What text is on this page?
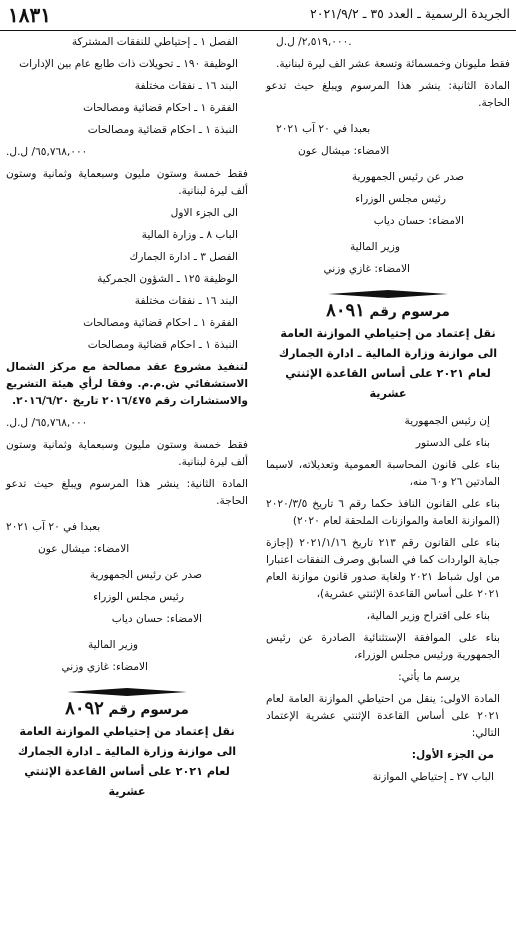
الجريدة الرسمية ـ العدد ٣٥ ـ ٢٠٢١/٩/٢
١٨٣١

٢,٥١٩,٠٠٠/ ل.ل.

فقط مليونان وخمسمائة وتسعة عشر الف ليرة لبنانية.

المادة الثانية: ينشر هذا المرسوم ويبلغ حيث تدعو الحاجة.

بعبدا في ٢٠ آب ٢٠٢١

الامضاء: ميشال عون

صدر عن رئيس الجمهورية

رئيس مجلس الوزراء

الامضاء: حسان دياب

وزير المالية

الامضاء: غازي وزني

مرسوم رقم ٨٠٩١

نقل إعتماد من إحتياطي الموازنة العامة

الى موازنة وزارة المالية ـ ادارة الجمارك

لعام ٢٠٢١ على أساس القاعدة الإثنتي عشرية

إن رئيس الجمهورية

بناء على الدستور

بناء على قانون المحاسبة العمومية وتعديلاته، لاسيما المادتين ٢٦ و٦٠ منه،

بناء على القانون النافذ حكما رقم ٦ تاريخ ٢٠٢٠/٣/٥ (الموازنة العامة والموازنات الملحقة لعام ٢٠٢٠)

بناء على القانون رقم ٢١٣ تاريخ ٢٠٢١/١/١٦ (إجازة جباية الواردات كما في السابق وصرف النفقات اعتبارا من اول شباط ٢٠٢١ ولغاية صدور قانون موازنة العام ٢٠٢١ على أساس القاعدة الإثنتي عشرية)،

بناء على اقتراح وزير المالية،

بناء على الموافقة الإستثنائية الصادرة عن رئيس الجمهورية ورئيس مجلس الوزراء،

يرسم ما يأتي:

المادة الاولى: ينقل من احتياطي الموازنة العامة لعام ٢٠٢١ على أساس القاعدة الإثنتي عشرية الإعتماد التالي:

من الجزء الأول:

الباب ٢٧ ـ إحتياطي الموازنة

الفصل ١ ـ إحتياطي للنفقات المشتركة

الوظيفة ١٩٠ ـ تحويلات ذات طابع عام بين الإدارات

البند ١٦ ـ نفقات مختلفة

الفقرة ١ ـ احكام قضائية ومصالحات

النبذة ١ ـ احكام قضائية ومصالحات

٦٥,٧٦٨,٠٠٠/ ل.ل.

فقط خمسة وستون مليون وسبعماية وثمانية وستون ألف ليرة لبنانية.

الى الجزء الاول

الباب ٨ ـ وزارة المالية

الفصل ٣ ـ ادارة الجمارك

الوظيفة ١٢٥ ـ الشؤون الجمركية

البند ١٦ ـ نفقات مختلفة

الفقرة ١ ـ احكام قضائية ومصالحات

النبذة ١ ـ احكام قضائية ومصالحات

لتنفيذ مشروع عقد مصالحة مع مركز الشمال الاستشفائي ش.م.م. وفقا لرأي هيئة التشريع والاستشارات رقم ٢٠١٦/٤٧٥ تاريخ ٢٠١٦/٦/٢٠.

٦٥,٧٦٨,٠٠٠/ ل.ل.

فقط خمسة وستون مليون وسبعماية وثمانية وستون ألف ليرة لبنانية.

المادة الثانية: ينشر هذا المرسوم ويبلغ حيث تدعو الحاجة.

بعبدا في ٢٠ آب ٢٠٢١

الامضاء: ميشال عون

صدر عن رئيس الجمهورية

رئيس مجلس الوزراء

الامضاء: حسان دياب

وزير المالية

الامضاء: غازي وزني

مرسوم رقم ٨٠٩٢

نقل إعتماد من إحتياطي الموازنة العامة

الى موازنة وزارة المالية ـ ادارة الجمارك

لعام ٢٠٢١ على أساس القاعدة الإثنتي عشرية
